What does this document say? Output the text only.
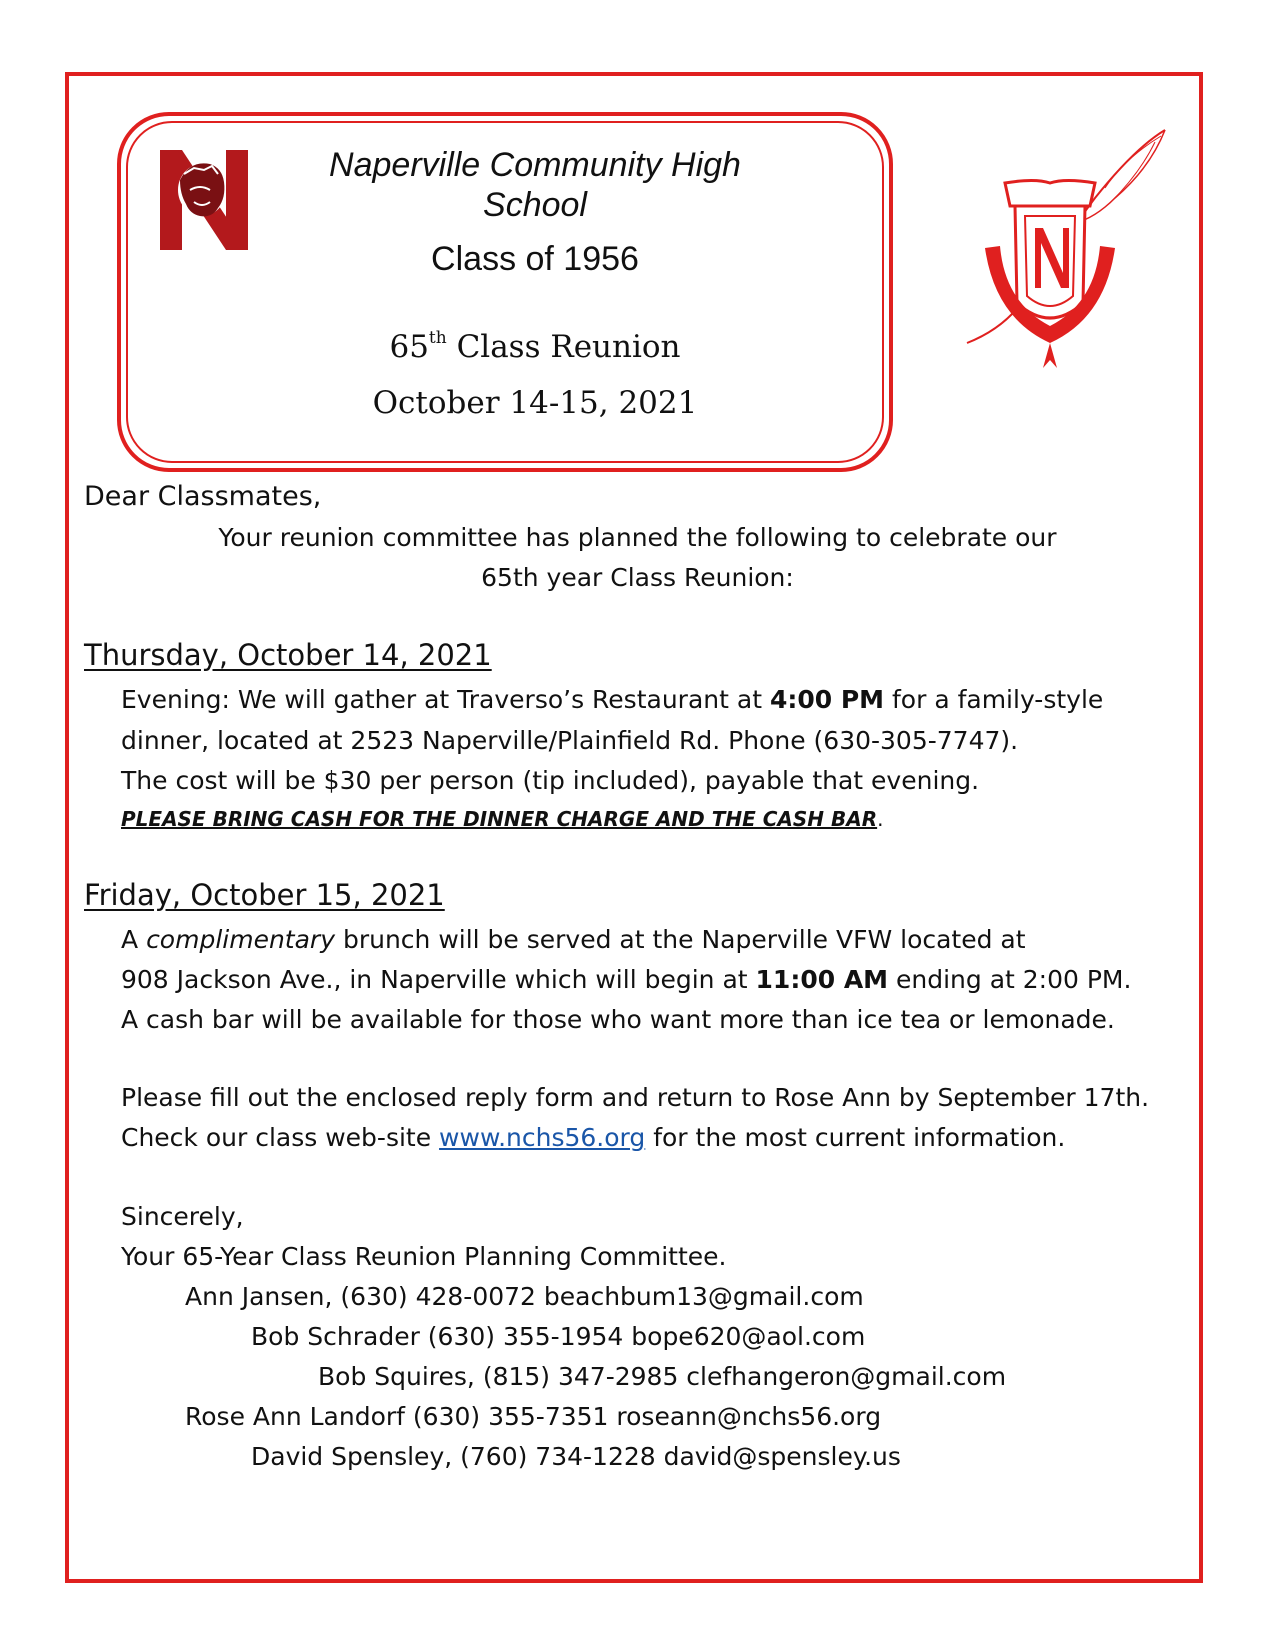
Naperville Community High
School
Class of 1956
65th Class Reunion
October 14-15, 2021
Dear Classmates,
Your reunion committee has planned the following to celebrate our
65th year Class Reunion:
Thursday, October 14, 2021
Evening: We will gather at Traverso’s Restaurant at 4:00 PM for a family-style
dinner, located at 2523 Naperville/Plainfield Rd. Phone (630-305-7747).
The cost will be $30 per person (tip included), payable that evening.
PLEASE BRING CASH FOR THE DINNER CHARGE AND THE CASH BAR.
Friday, October 15, 2021
A complimentary brunch will be served at the Naperville VFW located at
908 Jackson Ave., in Naperville which will begin at 11:00 AM ending at 2:00 PM.
A cash bar will be available for those who want more than ice tea or lemonade.
Please fill out the enclosed reply form and return to Rose Ann by September 17th.
Check our class web-site www.nchs56.org for the most current information.
Sincerely,
Your 65-Year Class Reunion Planning Committee.
Ann Jansen, (630) 428-0072 beachbum13@gmail.com
Bob Schrader (630) 355-1954 bope620@aol.com
Bob Squires, (815) 347-2985 clefhangeron@gmail.com
Rose Ann Landorf (630) 355-7351 roseann@nchs56.org
David Spensley, (760) 734-1228 david@spensley.us
